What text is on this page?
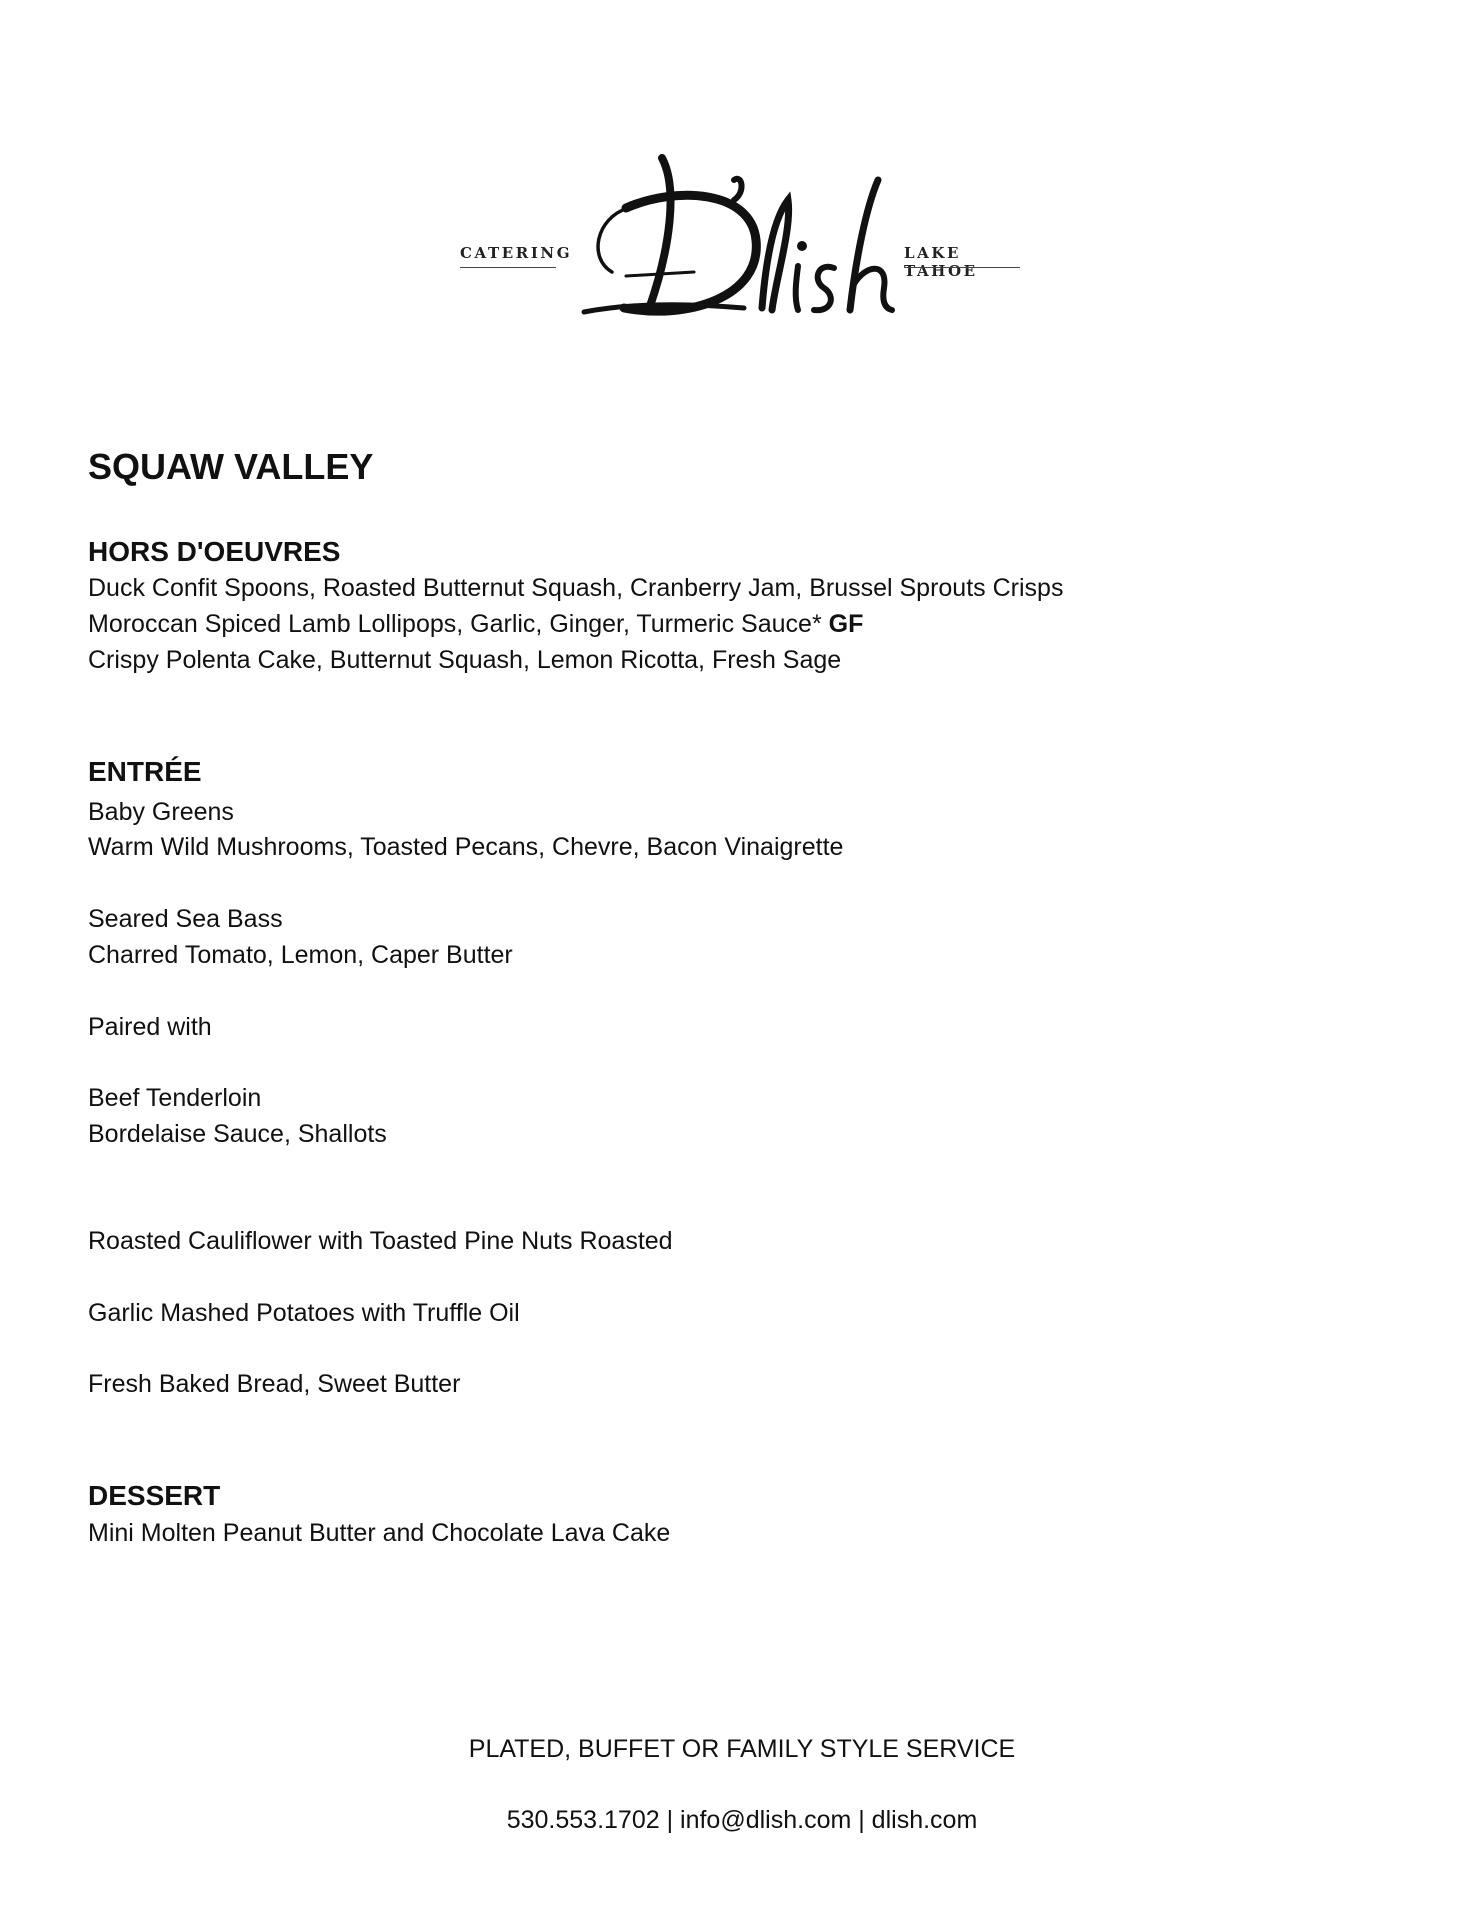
CATERING	LAKE TAHOE

SQUAW VALLEY

HORS D'OEUVRES

Duck Confit Spoons, Roasted Butternut Squash, Cranberry Jam, Brussel Sprouts Crisps

Moroccan Spiced Lamb Lollipops, Garlic, Ginger, Turmeric Sauce* GF

Crispy Polenta Cake, Butternut Squash, Lemon Ricotta, Fresh Sage

ENTRÉE

Baby Greens

Warm Wild Mushrooms, Toasted Pecans, Chevre, Bacon Vinaigrette

Seared Sea Bass

Charred Tomato, Lemon, Caper Butter

Paired with

Beef Tenderloin

Bordelaise Sauce, Shallots

Roasted Cauliflower with Toasted Pine Nuts Roasted

Garlic Mashed Potatoes with Truffle Oil

Fresh Baked Bread, Sweet Butter

DESSERT

Mini Molten Peanut Butter and Chocolate Lava Cake

PLATED, BUFFET OR FAMILY STYLE SERVICE

530.553.1702 | info@dlish.com | dlish.com
